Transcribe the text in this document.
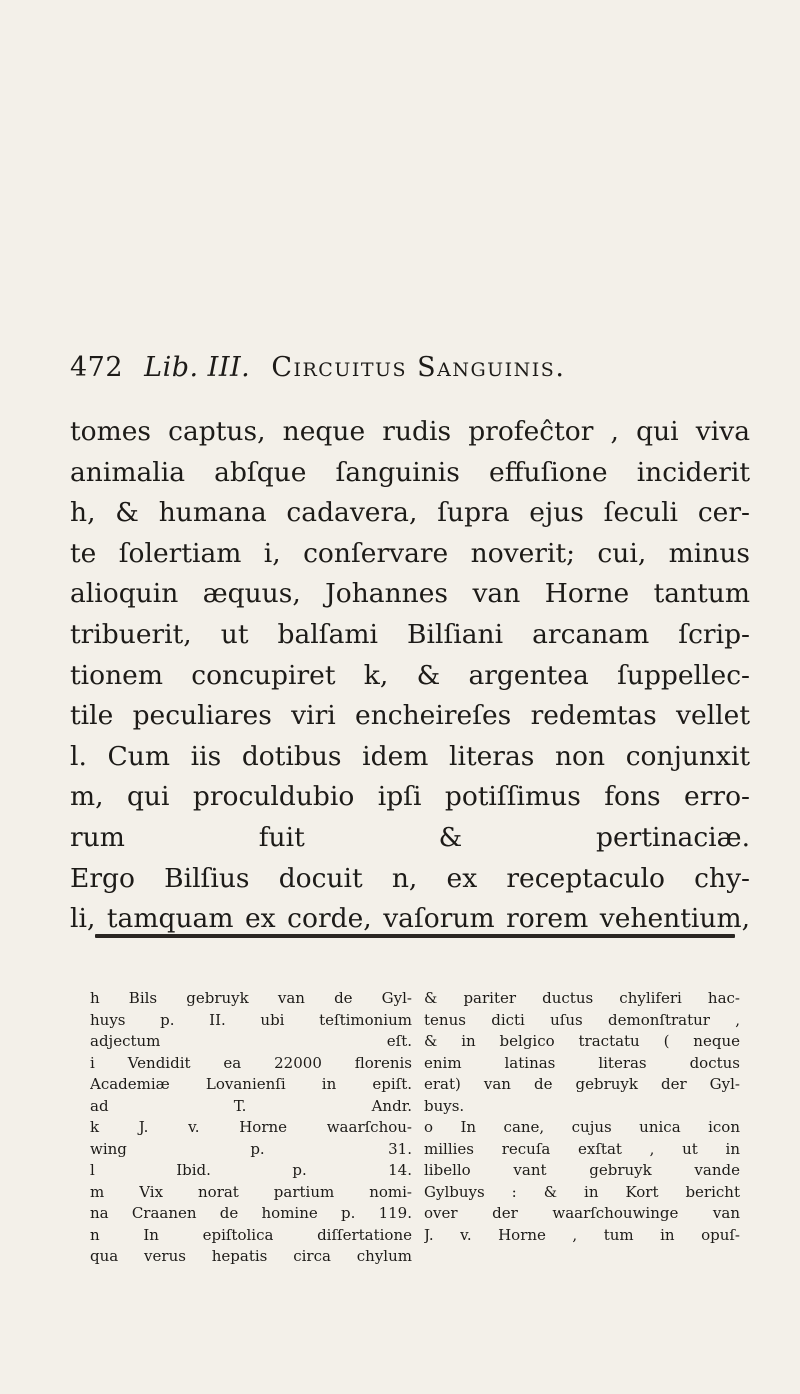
472 Lib. III. Circuitus Sanguinis.
tomes captus, neque rudis profeĉtor , qui viva
animalia abſque ſanguinis effuſione inciderit
h, & humana cadavera, ſupra ejus ſeculi cer-
te ſolertiam i, conſervare noverit; cui, minus
alioquin æquus, Johannes van Horne tantum
tribuerit, ut balſami Bilſiani arcanam ſcrip-
tionem concupiret k, & argentea ſuppellec-
tile peculiares viri encheireſes redemtas vellet
l. Cum iis dotibus idem literas non conjunxit
m, qui proculdubio ipſi potiſſimus fons erro-
rum fuit & pertinaciæ.
Ergo Bilſius docuit n, ex receptaculo chy-
li, tamquam ex corde, vaſorum rorem vehentium,
h Bils gebruyk van de Gyl-
huys p. II. ubi teſtimonium
adjectum eſt.
i Vendidit ea 22000 florenis
Academiæ Lovanienſi in epiſt.
ad T. Andr.
k J. v. Horne waarſchou-
wing p. 31.
l Ibid. p. 14.
m Vix norat partium nomi-
na Craanen de homine p. 119.
n In epiſtolica diſſertatione
qua verus hepatis circa chylum
& pariter ductus chyliferi hac-
tenus dicti uſus demonſtratur ,
& in belgico tractatu ( neque
enim latinas literas doctus
erat) van de gebruyk der Gyl-
buys.
o In cane, cujus unica icon
millies recuſa exſtat , ut in
libello vant gebruyk vande
Gylbuys : & in Kort bericht
over der waarſchouwinge van
J. v. Horne , tum in opuſ-
